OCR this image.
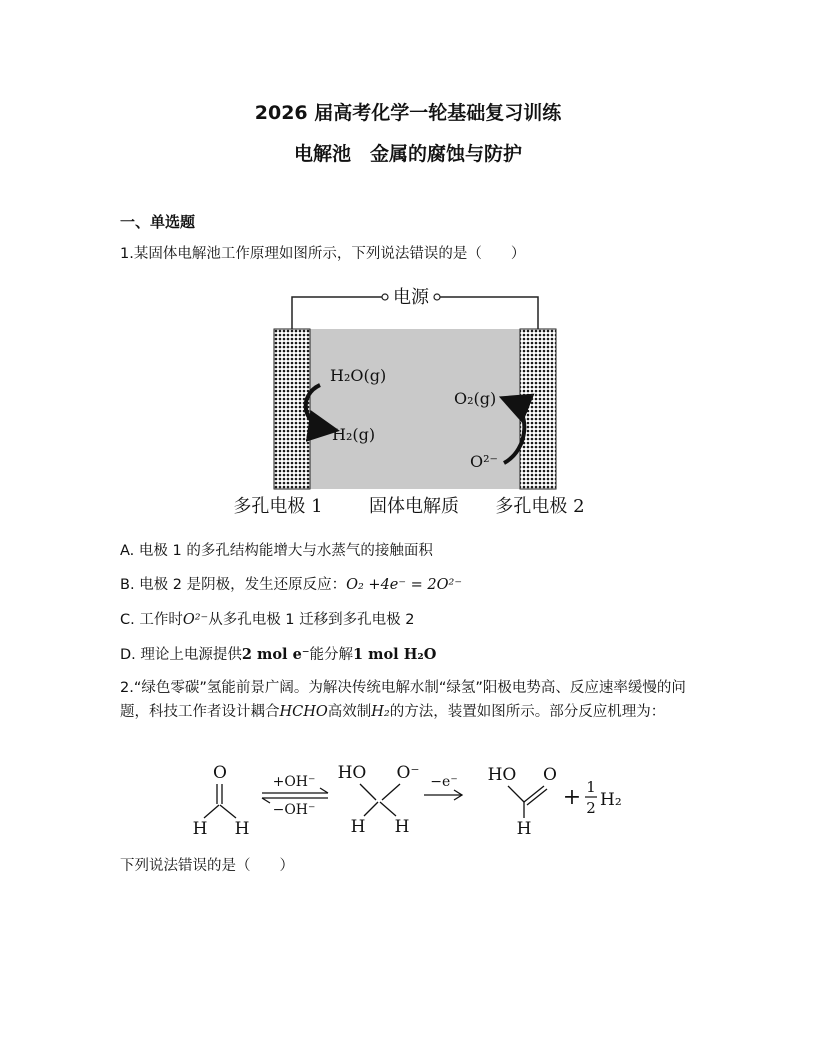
2026 届高考化学一轮基础复习训练
电解池　金属的腐蚀与防护
一、单选题
1.某固体电解池工作原理如图所示，下列说法错误的是（　　）
电源
H₂O(g)
H₂(g)
O₂(g)
O²⁻
多孔电极 1	固体电解质 多孔电极 2
A. 电极 1 的多孔结构能增大与水蒸气的接触面积
B. 电极 2 是阴极，发生还原反应：O₂ +4e⁻ = 2O²⁻
C. 工作时O²⁻从多孔电极 1 迁移到多孔电极 2
D. 理论上电源提供2 mol e⁻能分解1 mol H₂O
2.“绿色零碳”氢能前景广阔。为解决传统电解水制“绿氢”阳极电势高、反应速率缓慢的问题，科技工作者设计耦合HCHO高效制H₂的方法，装置如图所示。部分反应机理为：
O
H H
+OH⁻
−OH⁻
HO O⁻
H H
−e⁻ HO O
H
+ 1
2 H₂
下列说法错误的是（　　）
